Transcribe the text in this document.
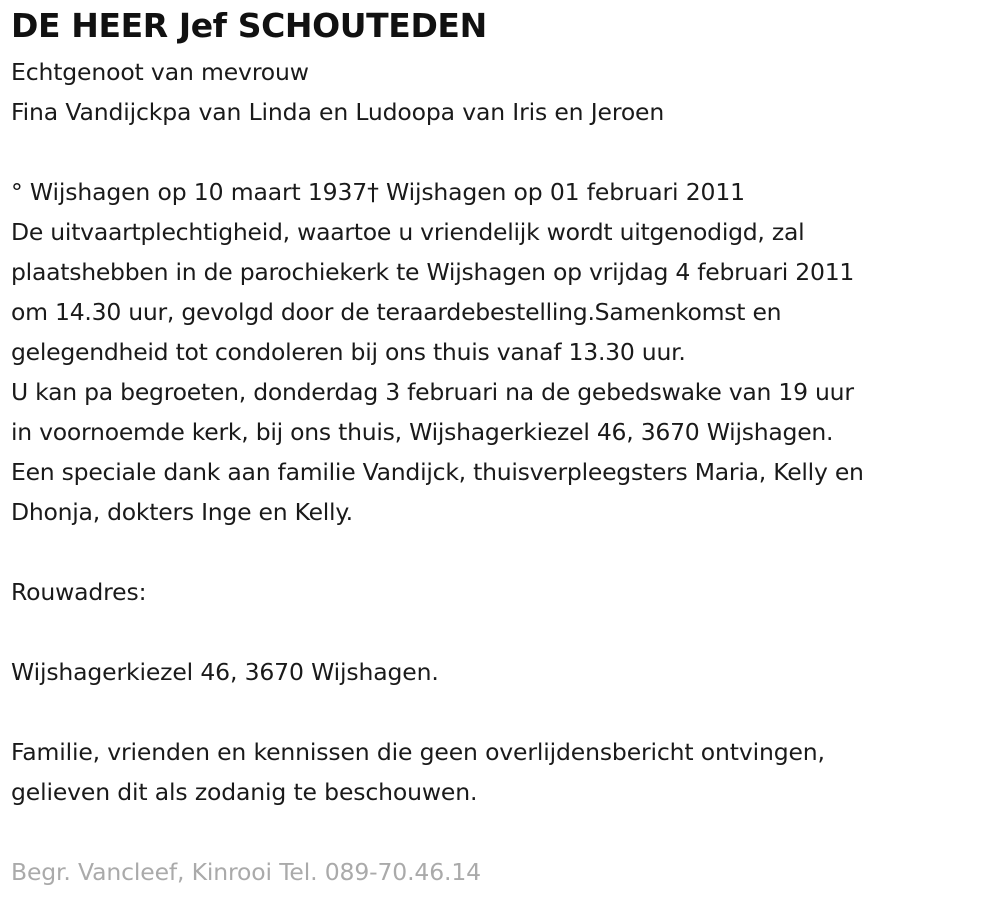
DE HEER Jef SCHOUTEDEN
Echtgenoot van mevrouw
Fina Vandijckpa van Linda en Ludoopa van Iris en Jeroen
° Wijshagen op 10 maart 1937† Wijshagen op 01 februari 2011
De uitvaartplechtigheid, waartoe u vriendelijk wordt uitgenodigd, zal
plaatshebben in de parochiekerk te Wijshagen op vrijdag 4 februari 2011
om 14.30 uur, gevolgd door de teraardebestelling.Samenkomst en
gelegendheid tot condoleren bij ons thuis vanaf 13.30 uur.
U kan pa begroeten, donderdag 3 februari na de gebedswake van 19 uur
in voornoemde kerk, bij ons thuis, Wijshagerkiezel 46, 3670 Wijshagen.
Een speciale dank aan familie Vandijck, thuisverpleegsters Maria, Kelly en
Dhonja, dokters Inge en Kelly.
Rouwadres:
Wijshagerkiezel 46, 3670 Wijshagen.
Familie, vrienden en kennissen die geen overlijdensbericht ontvingen,
gelieven dit als zodanig te beschouwen.
Begr. Vancleef, Kinrooi Tel. 089-70.46.14
